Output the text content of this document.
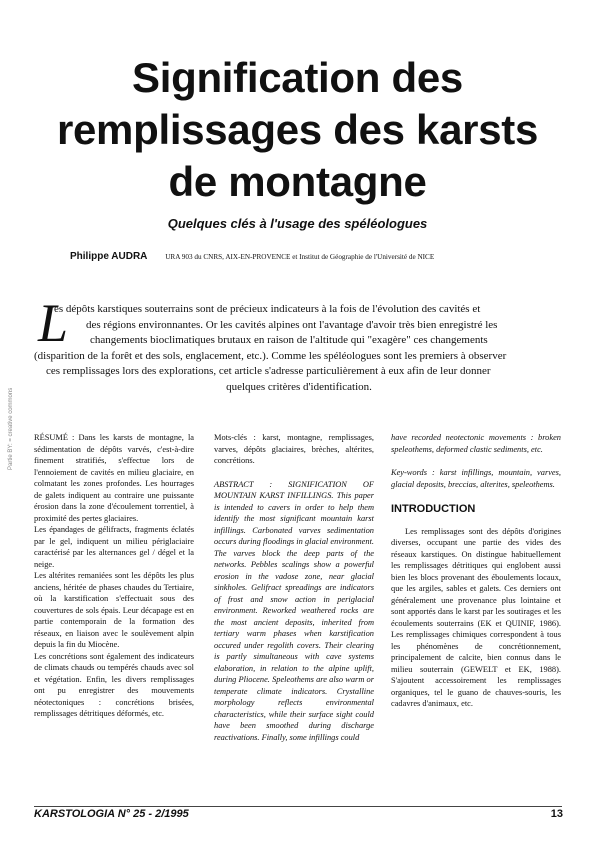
Signification des
remplissages des karsts
de montagne
Quelques clés à l'usage des spéléologues
Philippe AUDRA URA 903 du CNRS, AIX-EN-PROVENCE et Institut de Géographie de l'Université de NICE
L
es dépôts karstiques souterrains sont de précieux indicateurs à la fois de l'évolution des cavités et
des régions environnantes. Or les cavités alpines ont l'avantage d'avoir très bien enregistré les
changements bioclimatiques brutaux en raison de l'altitude qui "exagère" ces changements
(disparition de la forêt et des sols, englacement, etc.). Comme les spéléologues sont les premiers à observer
ces remplissages lors des explorations, cet article s'adresse particulièrement à eux afin de leur donner
quelques critères d'identification.
Partie BY: = creative commons RÉSUMÉ : Dans les karsts de montagne, la sédimentation de dépôts varvés, c'est-à-dire finement stratifiés, s'effectue lors de l'ennoiement de cavités en milieu glaciaire, en colmatant les zones profondes. Les hourrages de galets indiquent au contraire une puissante érosion dans la zone d'écoulement torrentiel, à proximité des pertes glaciaires.

Les épandages de gélifracts, fragments éclatés par le gel, indiquent un milieu périglaciaire caractérisé par les alternances gel / dégel et la neige.

Les altérites remaniées sont les dépôts les plus anciens, héritée de phases chaudes du Tertiaire, où la karstification s'effectuait sous des couvertures de sols épais. Leur décapage est en partie contemporain de la formation des réseaux, en liaison avec le soulèvement alpin depuis la fin du Miocène.

Les concrétions sont également des indicateurs de climats chauds ou tempérés chauds avec sol et végétation. Enfin, les divers remplissages ont pu enregistrer des mouvements néotectoniques : concrétions brisées, remplissages détritiques déformés, etc.

Mots-clés : karst, montagne, remplissages, varves, dépôts glaciaires, brèches, altérites, concrétions.

ABSTRACT : SIGNIFICATION OF MOUNTAIN KARST INFILLINGS. This paper is intended to cavers in order to help them identify the most significant mountain karst infillings. Carbonated varves sedimentation occurs during floodings in glacial environment. The varves block the deep parts of the networks. Pebbles scalings show a powerful erosion in the vadose zone, near glacial sinkholes. Gelifract spreadings are indicators of frost and snow action in periglacial environment. Reworked weathered rocks are the most ancient deposits, inherited from tertiary warm phases when karstification occured under regolith covers. Their clearing is partly simultaneous with cave systems elaboration, in relation to the alpine uplift, during Pliocene. Speleothems are also warm or temperate climate indicators. Crystalline morphology reflects environmental characteristics, while their surface sight could have been smoothed during discharge reactivations. Finally, some infillings could

have recorded neotectonic movements : broken speleothems, deformed clastic sediments, etc.

Key-words : karst infillings, mountain, varves, glacial deposits, breccias, alterites, speleothems.

INTRODUCTION

Les remplissages sont des dépôts d'origines diverses, occupant une partie des vides des réseaux karstiques. On distingue habituellement les remplissages détritiques qui englobent aussi bien les blocs provenant des éboulements locaux, que les argiles, sables et galets. Ces derniers ont généralement une provenance plus lointaine et sont apportés dans le karst par les soutirages et les écoulements souterrains (EK et QUINIF, 1986). Les remplissages chimiques correspondent à tous les phénomènes de concrétionnement, principalement de calcite, bien connus dans le milieu souterrain (GEWELT et EK, 1988). S'ajoutent accessoirement les remplissages organiques, tel le guano de chauves-souris, les cadavres d'animaux, etc.

KARSTOLOGIA N° 25 - 2/1995	13
